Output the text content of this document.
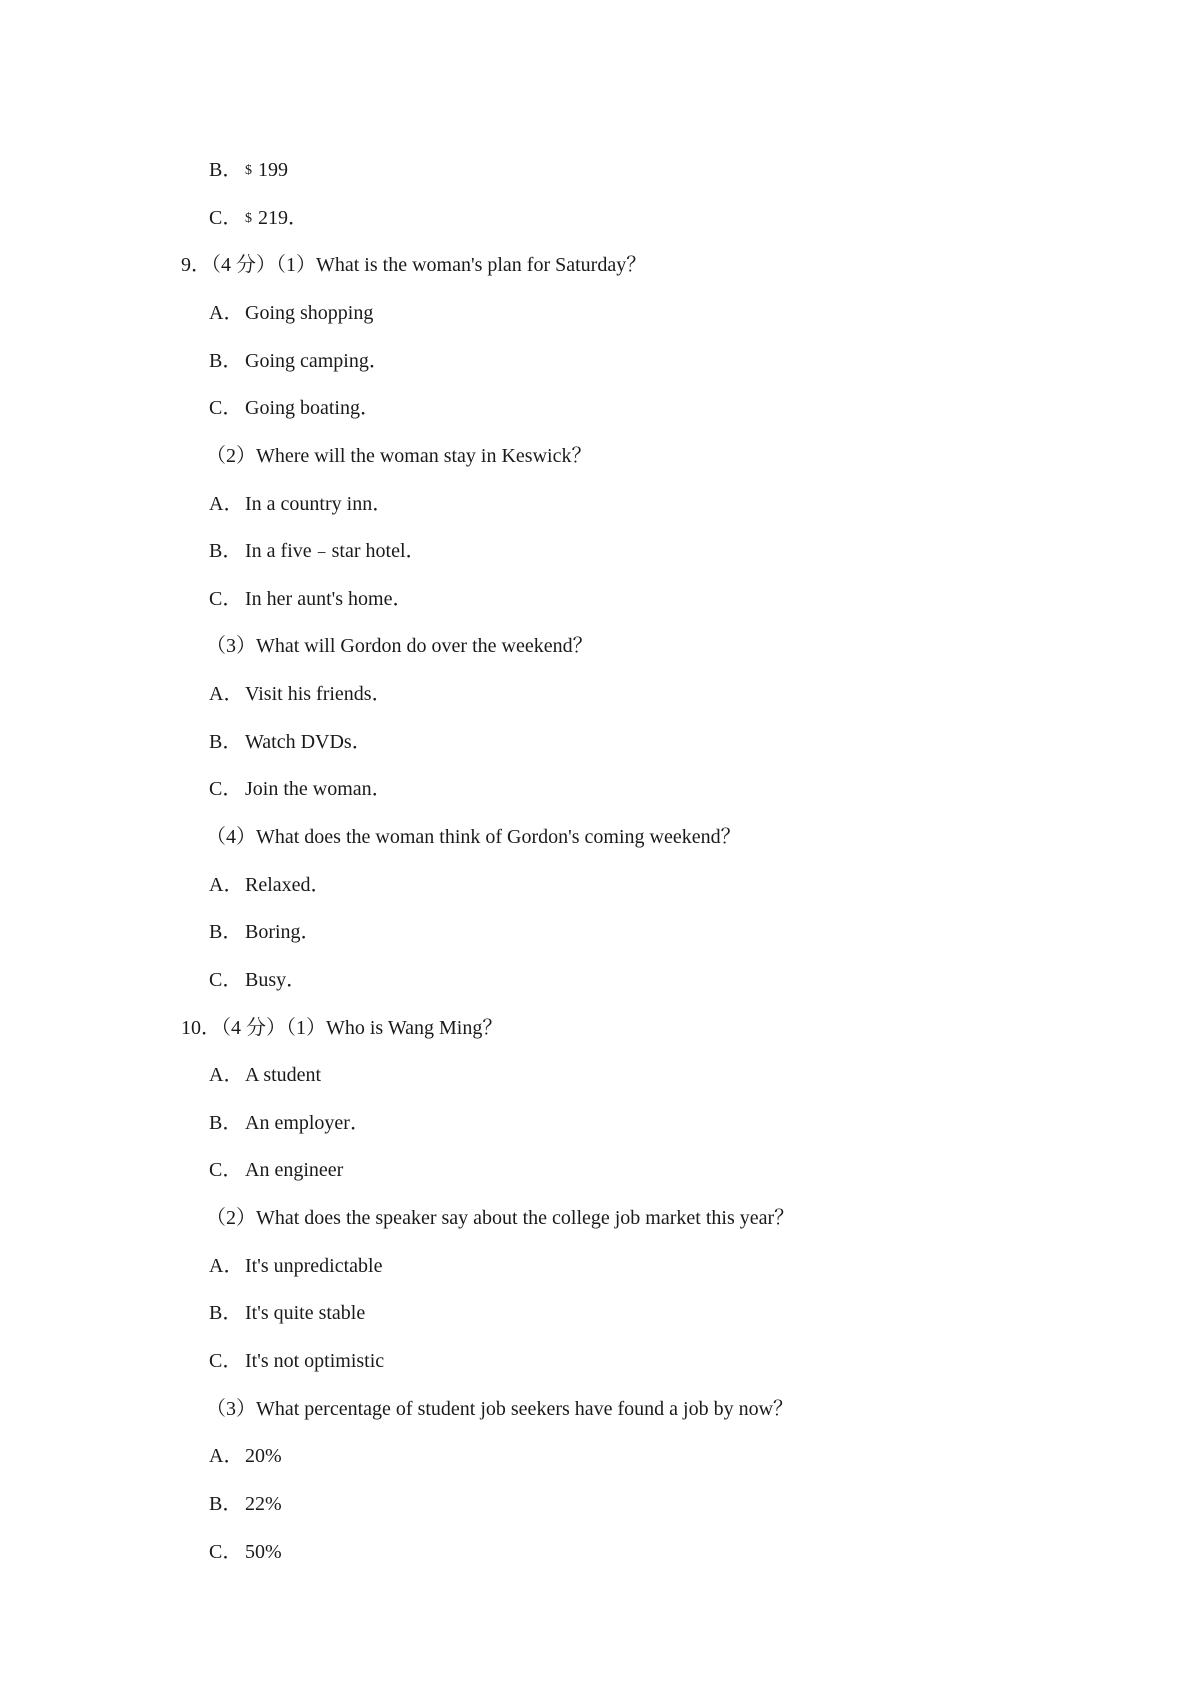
B． $ 199
C． $ 219．
9．（4 分）（1）What is the woman's plan for Saturday？
A．Going shopping
B． Going camping．
C． Going boating．
（2）Where will the woman stay in Keswick？
A．In a country inn．
B． In a five﹣star hotel．
C． In her aunt's home．
（3）What will Gordon do over the weekend？
A．Visit his friends．
B． Watch DVDs．
C． Join the woman．
（4）What does the woman think of Gordon's coming weekend？
A．Relaxed．
B． Boring．
C． Busy．
10．（4 分）（1）Who is Wang Ming？
A．A student
B． An employer．
C． An engineer
（2）What does the speaker say about the college job market this year？
A．It's unpredictable
B． It's quite stable
C． It's not optimistic
（3）What percentage of student job seekers have found a job by now？
A．20%
B． 22%
C． 50%
